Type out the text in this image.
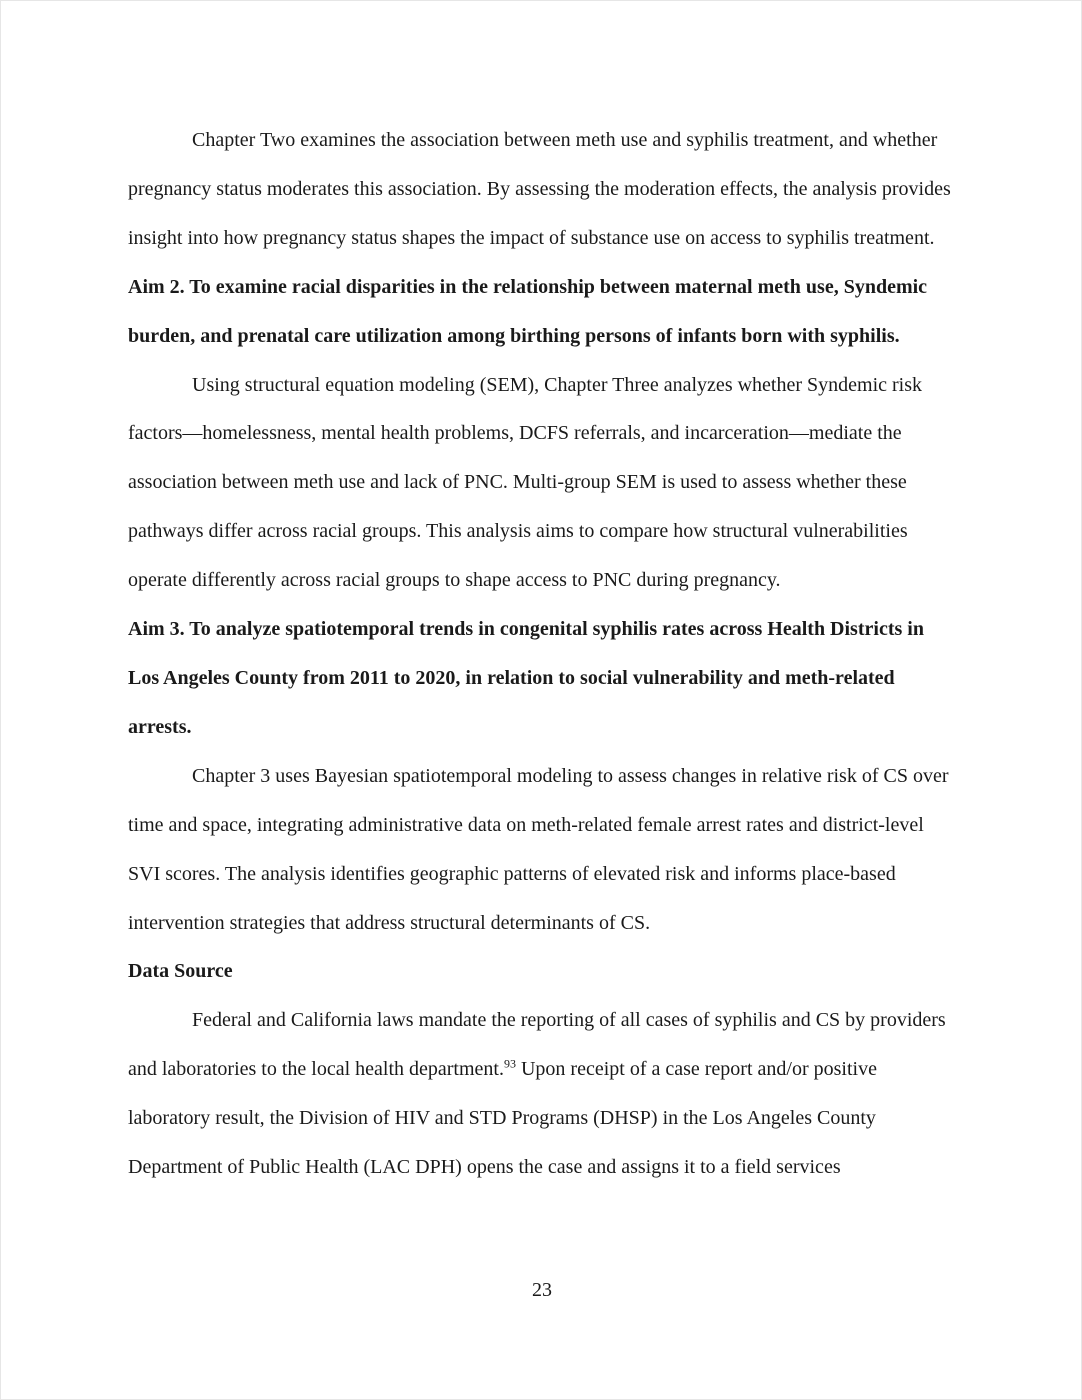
Chapter Two examines the association between meth use and syphilis treatment, and whether pregnancy status moderates this association. By assessing the moderation effects, the analysis provides insight into how pregnancy status shapes the impact of substance use on access to syphilis treatment.

Aim 2. To examine racial disparities in the relationship between maternal meth use, Syndemic burden, and prenatal care utilization among birthing persons of infants born with syphilis.

Using structural equation modeling (SEM), Chapter Three analyzes whether Syndemic risk factors—homelessness, mental health problems, DCFS referrals, and incarceration—mediate the association between meth use and lack of PNC. Multi-group SEM is used to assess whether these pathways differ across racial groups. This analysis aims to compare how structural vulnerabilities operate differently across racial groups to shape access to PNC during pregnancy.

Aim 3. To analyze spatiotemporal trends in congenital syphilis rates across Health Districts in Los Angeles County from 2011 to 2020, in relation to social vulnerability and meth-related arrests.

Chapter 3 uses Bayesian spatiotemporal modeling to assess changes in relative risk of CS over time and space, integrating administrative data on meth-related female arrest rates and district-level SVI scores. The analysis identifies geographic patterns of elevated risk and informs place-based intervention strategies that address structural determinants of CS.

Data Source

Federal and California laws mandate the reporting of all cases of syphilis and CS by providers and laboratories to the local health department.$^{93}$ Upon receipt of a case report and/or positive laboratory result, the Division of HIV and STD Programs (DHSP) in the Los Angeles County Department of Public Health (LAC DPH) opens the case and assigns it to a field services

23
